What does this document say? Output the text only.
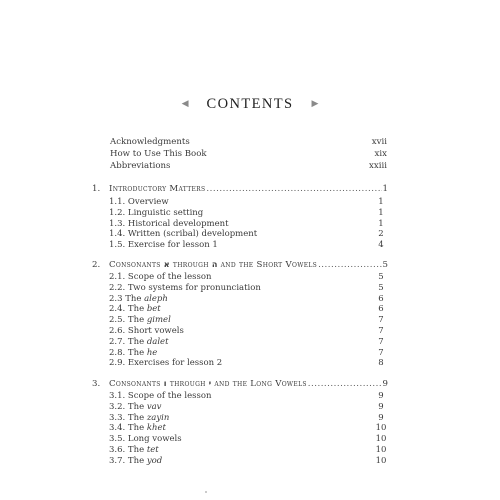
◀ CONTENTS ▶
Acknowledgments	xvii
How to Use This Book	xix
Abbreviations	xxiii
1.	Introductory Matters .....	1
1.1. Overview	1
1.2. Linguistic setting	1
1.3. Historical development	1
1.4. Written (scribal) development	2
1.5. Exercise for lesson 1	4
2.	Consonants א through ה and the Short Vowels .....	5
2.1. Scope of the lesson	5
2.2. Two systems for pronunciation	5
2.3 The aleph	6
2.4. The bet	6
2.5. The gimel	7
2.6. Short vowels	7
2.7. The dalet	7
2.8. The he	7
2.9. Exercises for lesson 2	8
3.	Consonants ו through י and the Long Vowels .....	9
3.1. Scope of the lesson	9
3.2. The vav	9
3.3. The zayin	9
3.4. The khet	10
3.5. Long vowels	10
3.6. The tet	10
3.7. The yod	10
